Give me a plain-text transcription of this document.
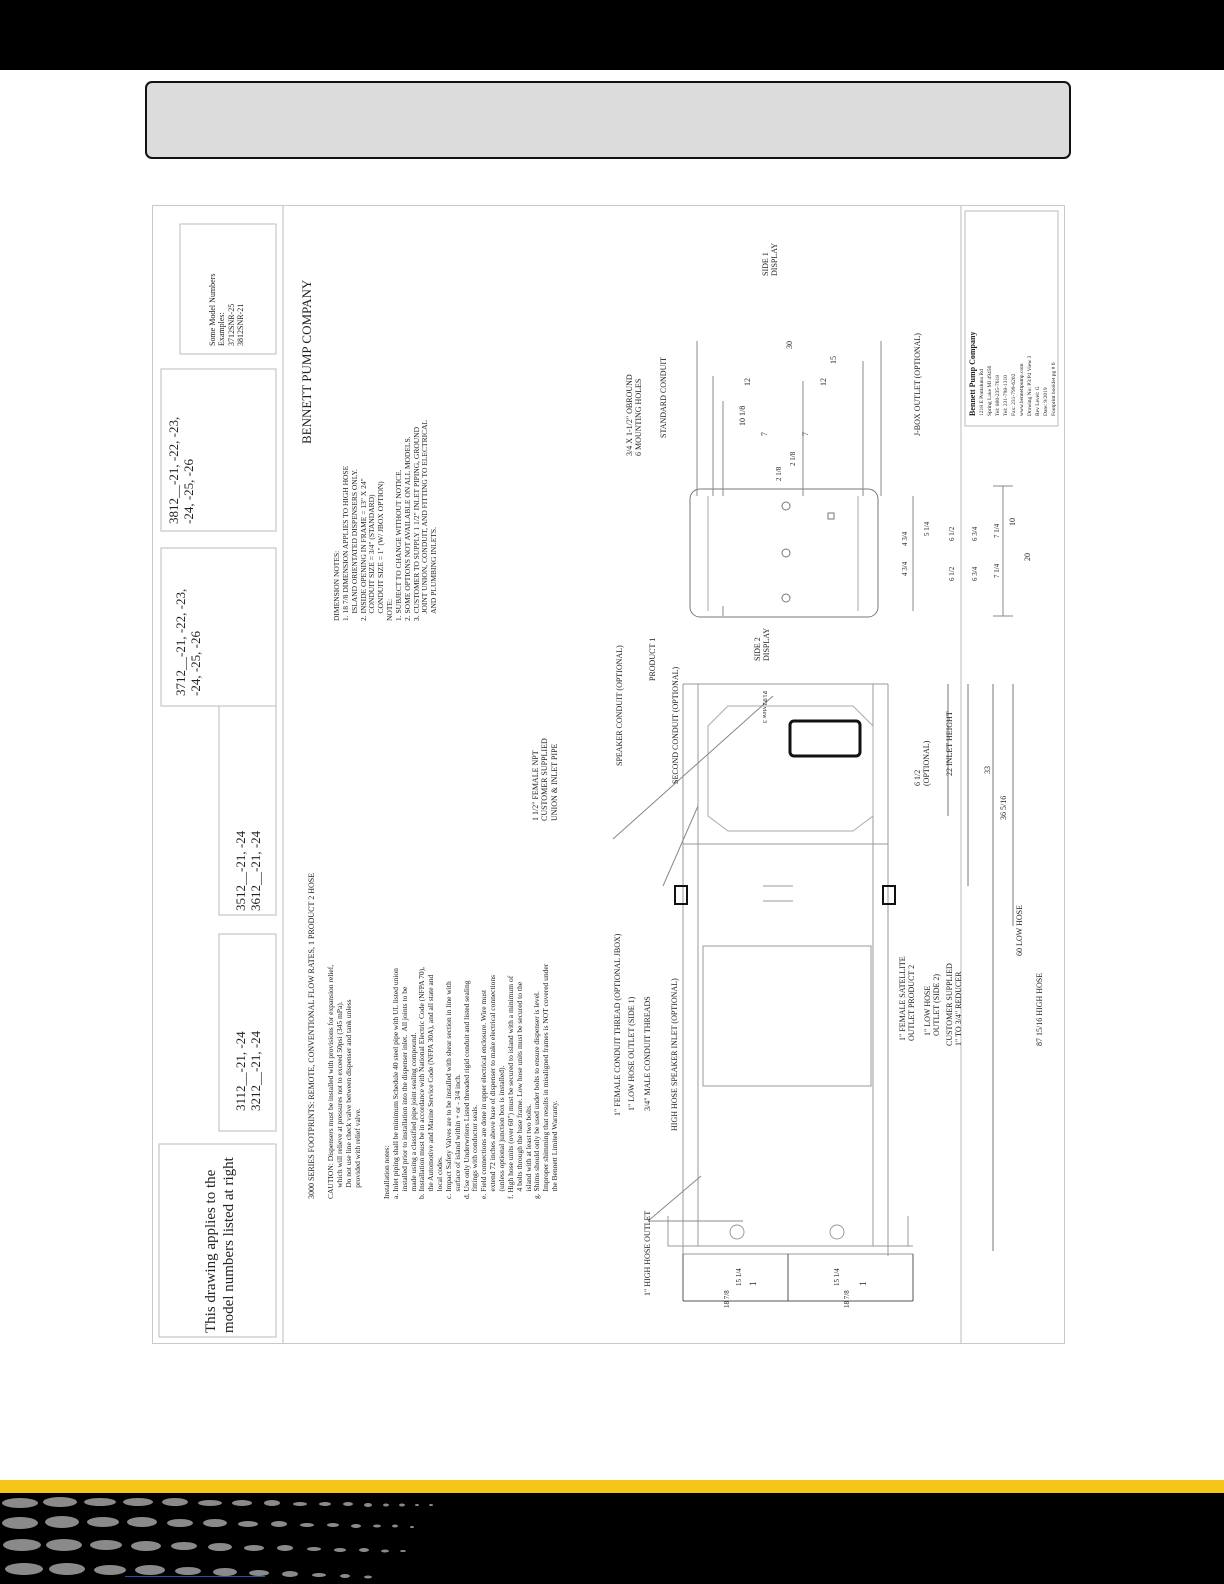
This drawing applies to the
model numbers listed at right
3112__-21, -24
3212__-21, -24
3512__-21, -24
3612__-21, -24
3712__-21, -22, -23,
-24, -25, -26
3812__-21, -22, -23,
-24, -25, -26
Some Model Numbers
Examples:
3712SNR-25
3812SNR-21	BENNETT PUMP COMPANY
3000 SERIES FOOTPRINTS: REMOTE, CONVENTIONAL FLOW RATES, 1 PRODUCT 2 HOSE CAUTION: Dispensers must be installed with provisions for expansion relief,
which will relieve at pressures not to exceed 50psi (345 mPa).
Do not use line check valve between dispenser and tank unless
provided with relief valve.
Installation notes:
a. Inlet piping shall be minimum Schedule 40 steel pipe with UL listed union
installed prior to installation into the dispenser inlet.  All joints to be
made using a classified pipe joint sealing compound.
b. Installation must be in accordance with National Electric Code (NFPA 70),
the Automotive and Marine Service Code (NFPA 30A), and all state and
local codes.
c. Impact Safety Valves are to be installed with shear section in line with
surface of island within + or - 3/4 inch.
d. Use only Underwriters Listed threaded rigid conduit and listed sealing
fittings with conductor seals.
e. Field connections are done in upper electrical enclosure. Wire must
extend 72 inches above base of dispenser to make electrical connections
(unless optional junction box is installed).
f. High hose units (over 60") must be secured to island with a minimum of
4 bolts through the base frame. Low hose units must be secured to the
island with at least two bolts.
g. Shims should only be used under bolts to ensure dispenser is level.
Improper shimming that results in misaligned frames is NOT covered under
the Bennett Limited Warranty.
DIMENSION NOTES:
1. 18 7/8 DIMENSION APPLIES TO HIGH HOSE
ISLAND ORIENTATED DISPENSERS ONLY.
2. INSIDE OPENING IN FRAME = 13" X 24"
CONDUIT SIZE = 3/4" (STANDARD)
CONDUIT SIZE = 1" (W/ JBOX OPTION)
NOTE:
1. SUBJECT TO CHANGE WITHOUT NOTICE.
2. SOME OPTIONS NOT AVAILABLE ON ALL MODELS.
3. CUSTOMER TO SUPPLY 1 1/2" INLET PIPING, GROUND
JOINT UNION, CONDUIT, AND FITTING TO ELECTRICAL
AND PLUMBING INLETS.
1" HIGH HOSE OUTLET
18 7/8
15 1/4 1
18 7/8
15 1/4 1
HIGH HOSE SPEAKER INLET (OPTIONAL)
3/4" MALE CONDUIT THREADS
1" LOW HOSE OUTLET (SIDE 1)
1" FEMALE CONDUIT THREAD (OPTIONAL JBOX)
1 1/2" FEMALE NPT
CUSTOMER SUPPLIED
UNION & INLET PIPE	SPEAKER CONDUIT (OPTIONAL)	SECOND CONDUIT (OPTIONAL)
PRODUCT 1
1" FEMALE SATELLITE
OUTLET PRODUCT 2
1" LOW HOSE
OUTLET (SIDE 2)
CUSTOMER SUPPLIED
1" TO 3/4" REDUCER
6 1/2
(OPTIONAL) 22 INLET HEIGHT	33
36 5/16
60 LOW HOSE
87 15/16 HIGH HOSE
3/4 X 1-1/2" OBROUND
6 MOUNTING HOLES STANDARD CONDUIT
SIDE 1
DISPLAY
SIDE 2
DISPLAY
J-BOX OUTLET (OPTIONAL)
30
15
12	12
10 1/8
7	7
2 1/8
2 1/8
4 3/4
4 3/4
5 1/4
6 1/2
6 1/2
6 3/4
6 3/4
7 1/4
7 1/4
10
20
P1/P2 view 3
Bennett Pump Company 1218 E Pontaluna Rd
Spring Lake MI 49456
Tel: 800-235-7618
Tel: 231-798-1310
Fax: 231-799-6202
www.bennettpump.com
Drawing No: P3/P4 View 3
Rev Level: G
Date: 9/2019
Footprint booklet pg # 6
